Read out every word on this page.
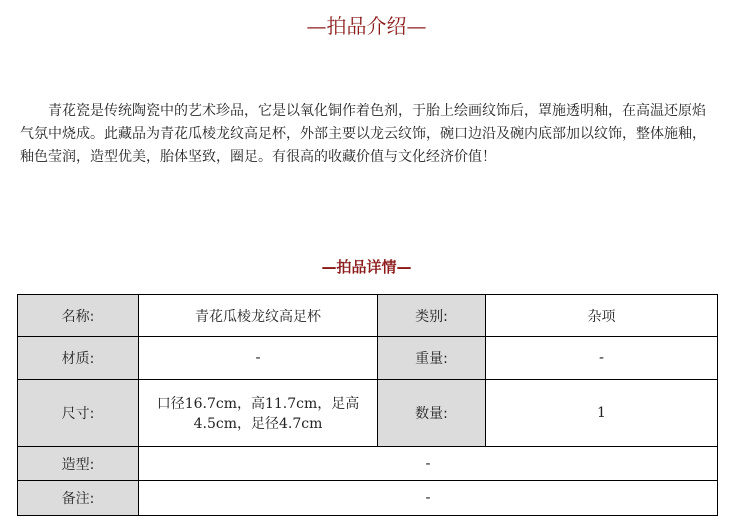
—拍品介绍—
青花瓷是传统陶瓷中的艺术珍品，它是以氧化铜作着色剂，于胎上绘画纹饰后，罩施透明釉，在高温还原焰气氛中烧成。此藏品为青花瓜棱龙纹高足杯，外部主要以龙云纹饰，碗口边沿及碗内底部加以纹饰，整体施釉，釉色莹润，造型优美，胎体坚致，圈足。有很高的收藏价值与文化经济价值！
—拍品详情—
名称:	青花瓜棱龙纹高足杯	类别:	杂项
材质:	-	重量:	-
尺寸:	口径16.7cm，高11.7cm，足高4.5cm，足径4.7cm	数量:	1
造型:	-		
备注:	-		
